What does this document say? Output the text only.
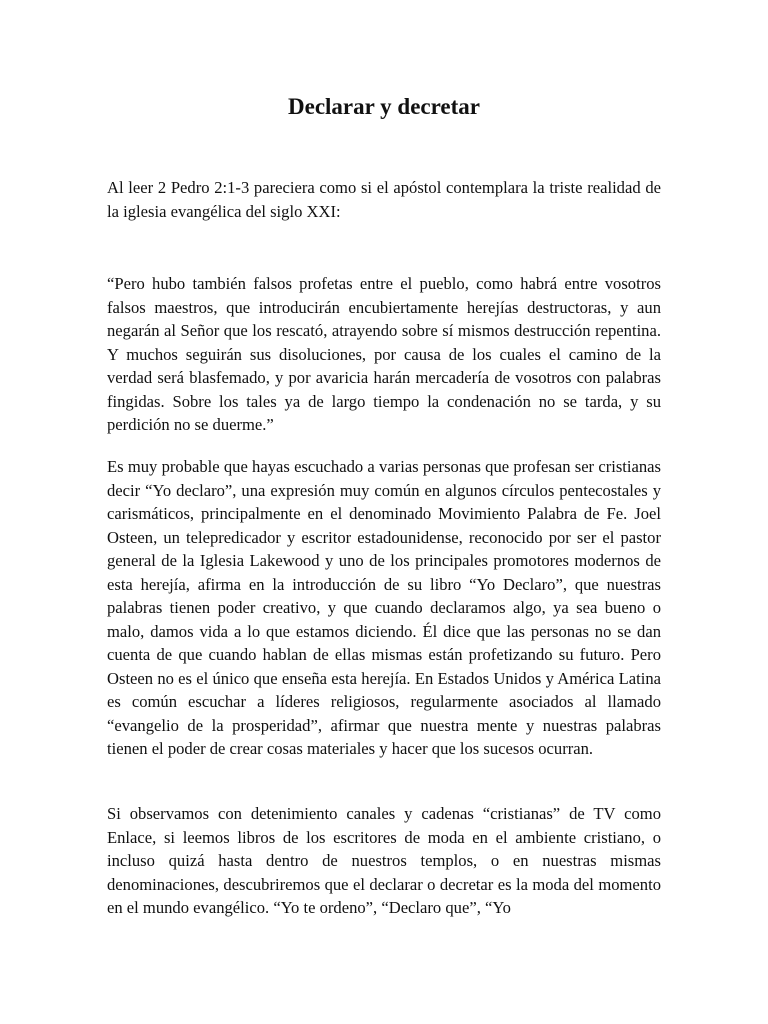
Declarar y decretar

Al leer 2 Pedro 2:1-3 pareciera como si el apóstol contemplara la triste realidad de la iglesia evangélica del siglo XXI:

“Pero hubo también falsos profetas entre el pueblo, como habrá entre vosotros falsos maestros, que introducirán encubiertamente herejías destructoras, y aun negarán al Señor que los rescató, atrayendo sobre sí mismos destrucción repentina. Y muchos seguirán sus disoluciones, por causa de los cuales el camino de la verdad será blasfemado, y por avaricia harán mercadería de vosotros con palabras fingidas. Sobre los tales ya de largo tiempo la condenación no se tarda, y su perdición no se duerme.”

Es muy probable que hayas escuchado a varias personas que profesan ser cristianas decir “Yo declaro”, una expresión muy común en algunos círculos pentecostales y carismáticos, principalmente en el denominado Movimiento Palabra de Fe. Joel Osteen, un telepredicador y escritor estadounidense, reconocido por ser el pastor general de la Iglesia Lakewood y uno de los principales promotores modernos de esta herejía, afirma en la introducción de su libro “Yo Declaro”, que nuestras palabras tienen poder creativo, y que cuando declaramos algo, ya sea bueno o malo, damos vida a lo que estamos diciendo. Él dice que las personas no se dan cuenta de que cuando hablan de ellas mismas están profetizando su futuro. Pero Osteen no es el único que enseña esta herejía. En Estados Unidos y América Latina es común escuchar a líderes religiosos, regularmente asociados al llamado “evangelio de la prosperidad”, afirmar que nuestra mente y nuestras palabras tienen el poder de crear cosas materiales y hacer que los sucesos ocurran.

Si observamos con detenimiento canales y cadenas “cristianas” de TV como Enlace, si leemos libros de los escritores de moda en el ambiente cristiano, o incluso quizá hasta dentro de nuestros templos, o en nuestras mismas denominaciones, descubriremos que el declarar o decretar es la moda del momento en el mundo evangélico. “Yo te ordeno”, “Declaro que”, “Yo
